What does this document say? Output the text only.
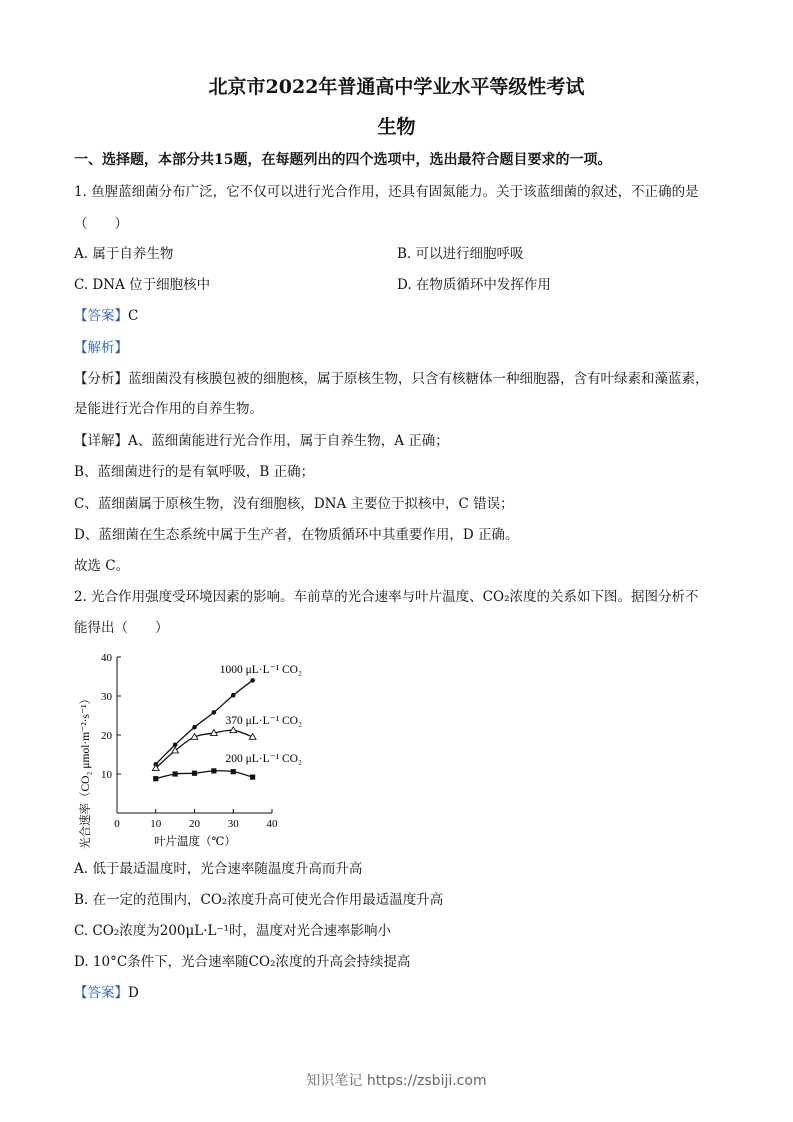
北京市2022年普通高中学业水平等级性考试
生物
一、选择题，本部分共15题，在每题列出的四个选项中，选出最符合题目要求的一项。
1. 鱼腥蓝细菌分布广泛，它不仅可以进行光合作用，还具有固氮能力。关于该蓝细菌的叙述，不正确的是
（　　）
A. 属于自养生物	B. 可以进行细胞呼吸
C. DNA 位于细胞核中	D. 在物质循环中发挥作用
【答案】C
【解析】
【分析】蓝细菌没有核膜包被的细胞核，属于原核生物，只含有核糖体一种细胞器，含有叶绿素和藻蓝素，
是能进行光合作用的自养生物。
【详解】A、蓝细菌能进行光合作用，属于自养生物，A 正确；
B、蓝细菌进行的是有氧呼吸，B 正确；
C、蓝细菌属于原核生物，没有细胞核，DNA 主要位于拟核中，C 错误；
D、蓝细菌在生态系统中属于生产者，在物质循环中其重要作用，D 正确。
故选 C。
2. 光合作用强度受环境因素的影响。车前草的光合速率与叶片温度、CO₂浓度的关系如下图。据图分析不
能得出（　　）
0	10	20	30	40
10
20
30
40
1000 μL·L⁻¹ CO₂
370 μL·L⁻¹ CO₂
200 μL·L⁻¹ CO₂
光合速率（CO₂ μmol·m⁻²·s⁻¹）	叶片温度（℃）
A. 低于最适温度时，光合速率随温度升高而升高
B. 在一定的范围内，CO₂浓度升高可使光合作用最适温度升高
C. CO₂浓度为200μL·L⁻¹时，温度对光合速率影响小
D. 10°C条件下，光合速率随CO₂浓度的升高会持续提高
【答案】D
知识笔记 https://zsbiji.com
